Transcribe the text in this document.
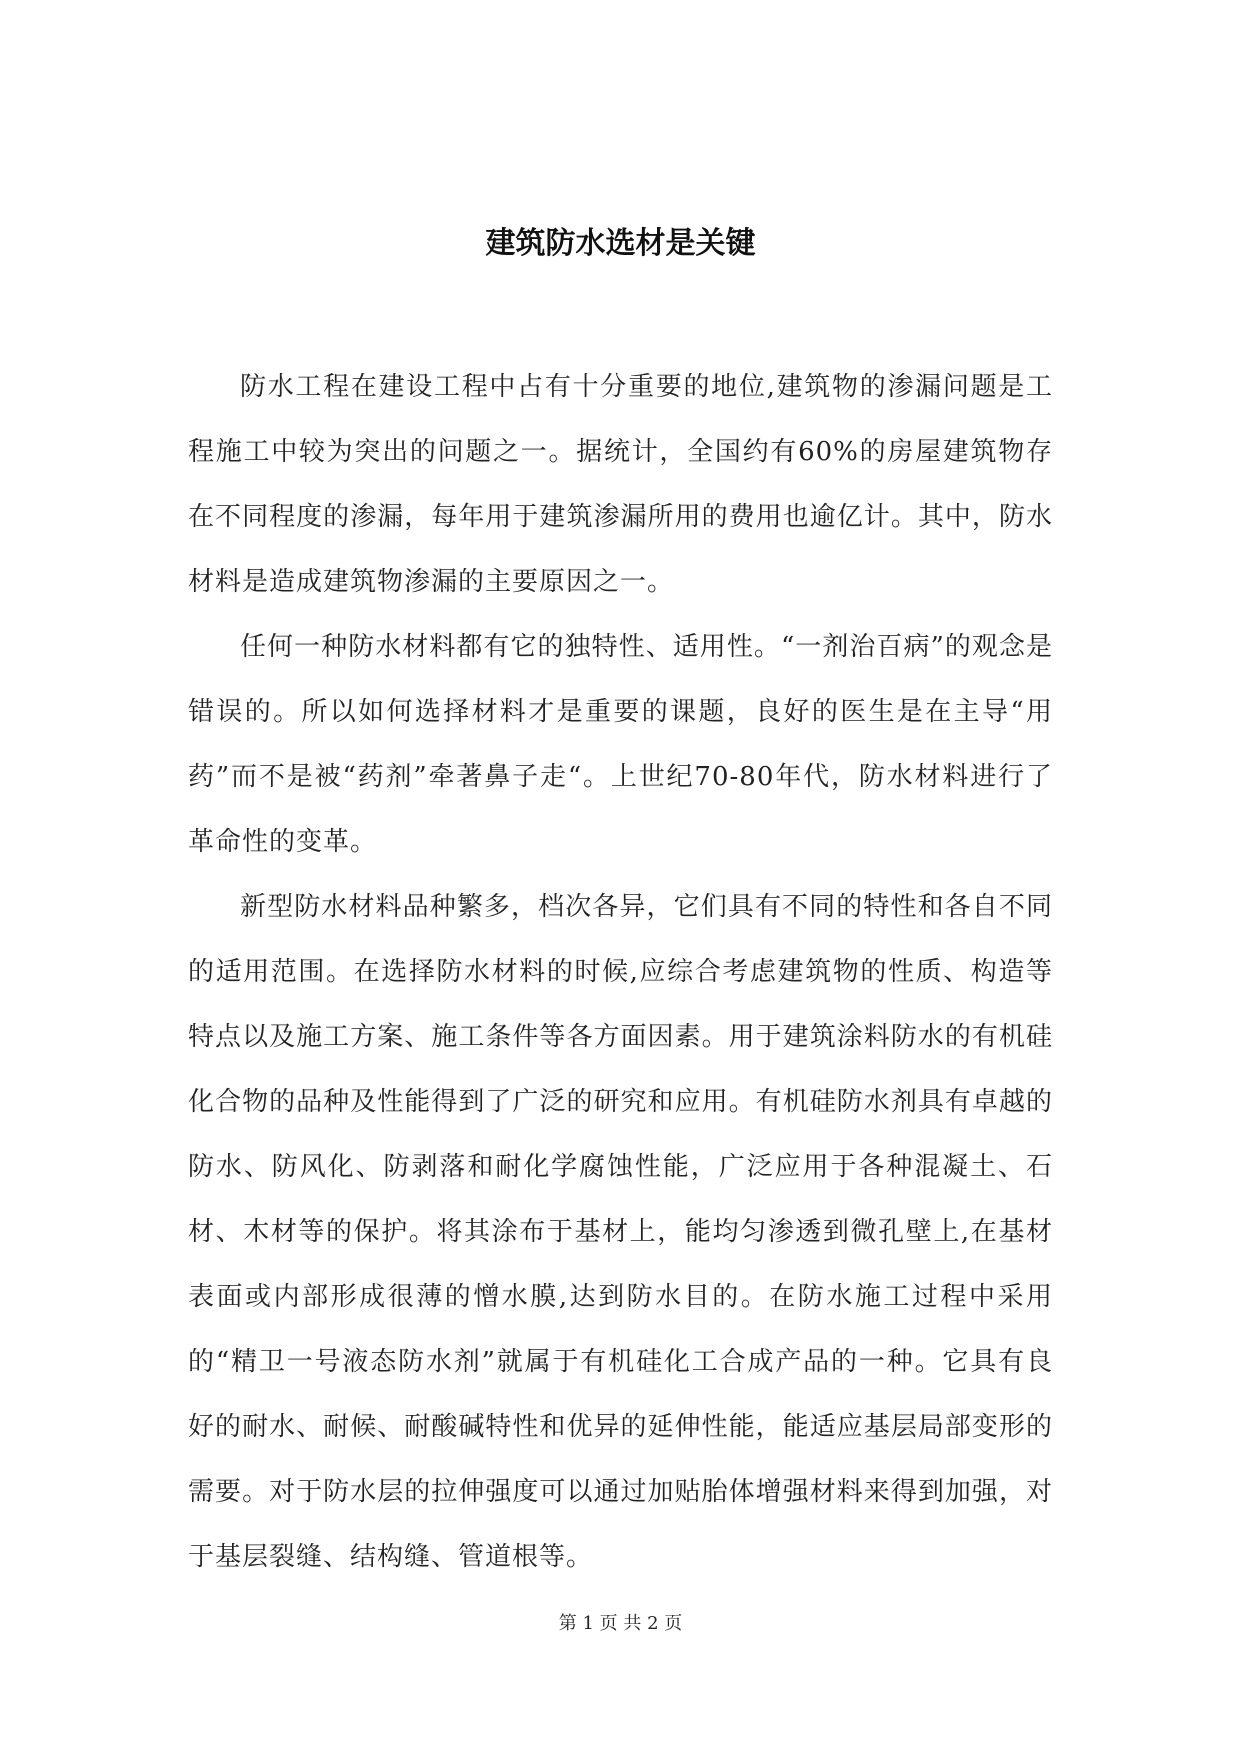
建筑防水选材是关键

防水工程在建设工程中占有十分重要的地位,建筑物的渗漏问题是工程施工中较为突出的问题之一。据统计，全国约有60%的房屋建筑物存在不同程度的渗漏，每年用于建筑渗漏所用的费用也逾亿计。其中，防水材料是造成建筑物渗漏的主要原因之一。

任何一种防水材料都有它的独特性、适用性。“一剂治百病”的观念是错误的。所以如何选择材料才是重要的课题，良好的医生是在主导“用药”而不是被“药剂”牵著鼻子走“。上世纪70-80年代，防水材料进行了革命性的变革。

新型防水材料品种繁多，档次各异，它们具有不同的特性和各自不同的适用范围。在选择防水材料的时候,应综合考虑建筑物的性质、构造等特点以及施工方案、施工条件等各方面因素。用于建筑涂料防水的有机硅化合物的品种及性能得到了广泛的研究和应用。有机硅防水剂具有卓越的防水、防风化、防剥落和耐化学腐蚀性能，广泛应用于各种混凝土、石材、木材等的保护。将其涂布于基材上，能均匀渗透到微孔壁上,在基材表面或内部形成很薄的憎水膜,达到防水目的。在防水施工过程中采用的“精卫一号液态防水剂”就属于有机硅化工合成产品的一种。它具有良好的耐水、耐候、耐酸碱特性和优异的延伸性能，能适应基层局部变形的需要。对于防水层的拉伸强度可以通过加贴胎体增强材料来得到加强，对于基层裂缝、结构缝、管道根等。

第 1 页 共 2 页
